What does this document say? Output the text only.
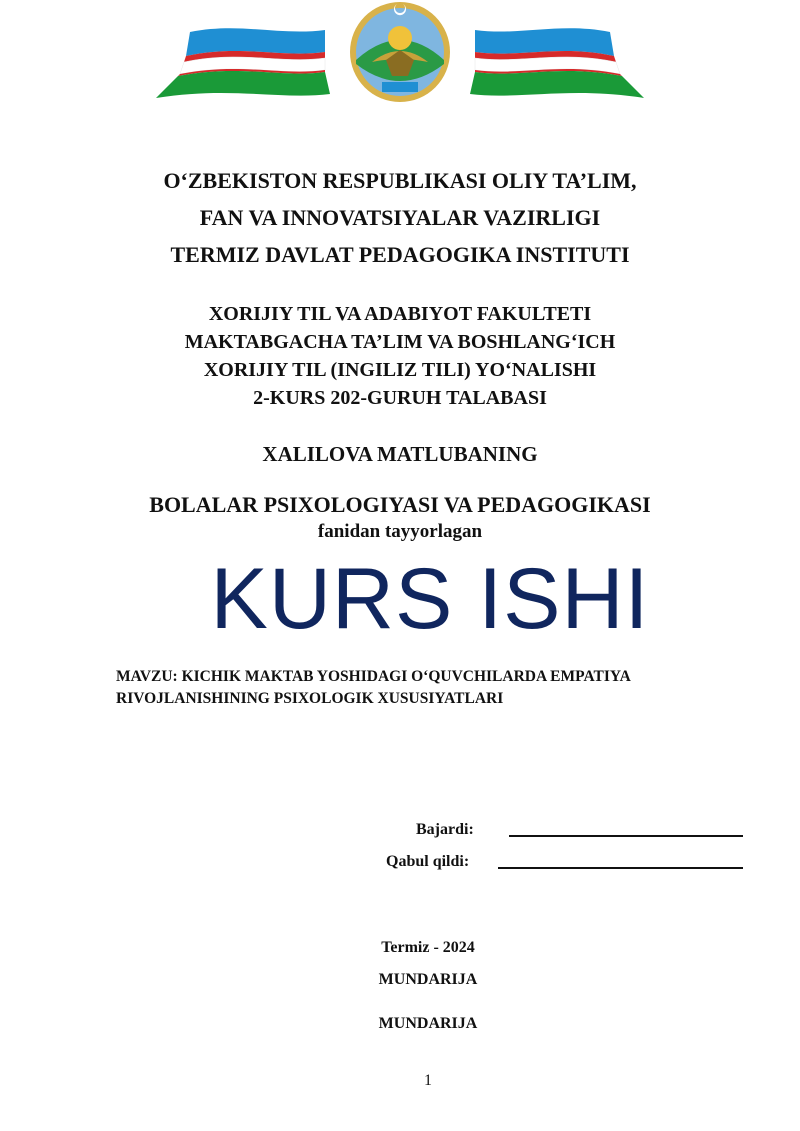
O‘ZBEKISTON RESPUBLIKASI OLIY TA’LIM,
FAN VA INNOVATSIYALAR VAZIRLIGI
TERMIZ DAVLAT PEDAGOGIKA INSTITUTI
XORIJIY TIL VA ADABIYOT FAKULTETI
MAKTABGACHA TA’LIM VA BOSHLANG‘ICH
XORIJIY TIL (INGILIZ TILI) YO‘NALISHI
2-KURS 202-GURUH TALABASI
XALILOVA MATLUBANING
BOLALAR PSIXOLOGIYASI VA PEDAGOGIKASI
fanidan tayyorlagan
KURS ISHI
MAVZU: KICHIK MAKTAB YOSHIDAGI O‘QUVCHILARDA EMPATIYA
RIVOJLANISHINING PSIXOLOGIK XUSUSIYATLARI
Bajardi:
Qabul qildi:
Termiz - 2024
MUNDARIJA
MUNDARIJA
1
